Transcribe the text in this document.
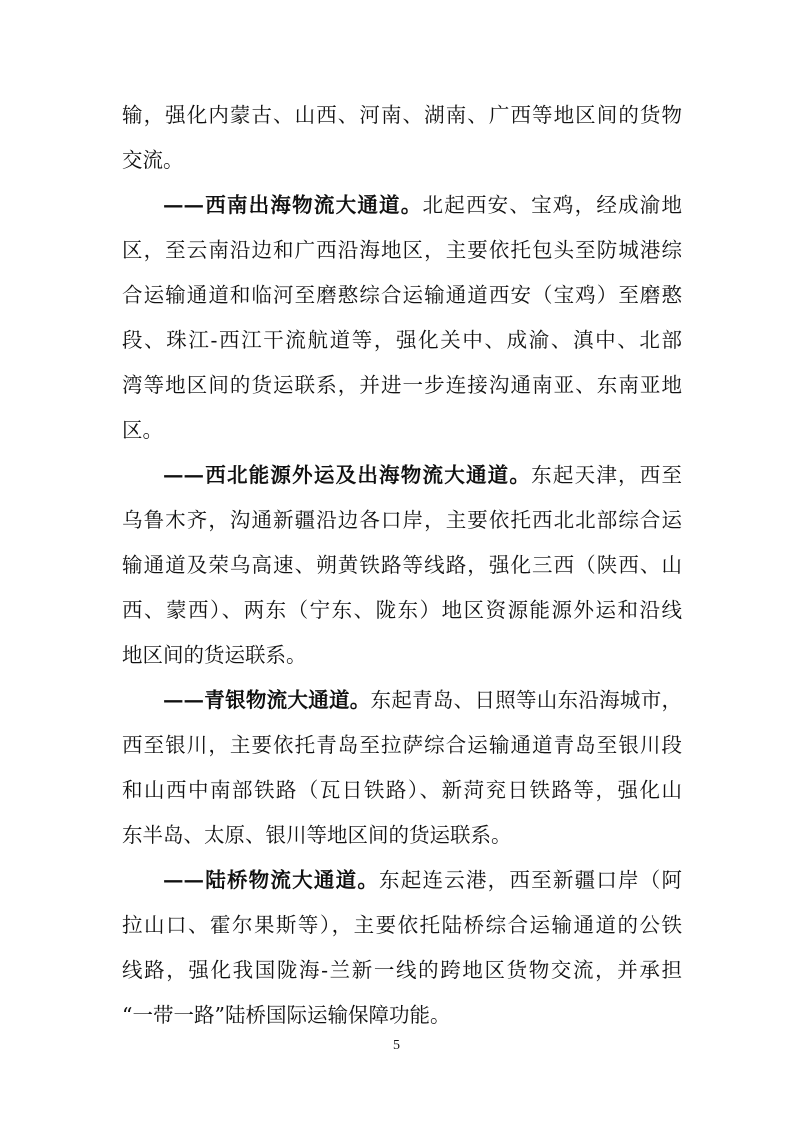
输，强化内蒙古、山西、河南、湖南、广西等地区间的货物
交流。
——西南出海物流大通道。北起西安、宝鸡，经成渝地
区，至云南沿边和广西沿海地区，主要依托包头至防城港综
合运输通道和临河至磨憨综合运输通道西安（宝鸡）至磨憨
段、珠江-西江干流航道等，强化关中、成渝、滇中、北部
湾等地区间的货运联系，并进一步连接沟通南亚、东南亚地
区。
——西北能源外运及出海物流大通道。东起天津，西至
乌鲁木齐，沟通新疆沿边各口岸，主要依托西北北部综合运
输通道及荣乌高速、朔黄铁路等线路，强化三西（陕西、山
西、蒙西）、两东（宁东、陇东）地区资源能源外运和沿线
地区间的货运联系。
——青银物流大通道。东起青岛、日照等山东沿海城市，
西至银川，主要依托青岛至拉萨综合运输通道青岛至银川段
和山西中南部铁路（瓦日铁路）、新菏兖日铁路等，强化山
东半岛、太原、银川等地区间的货运联系。
——陆桥物流大通道。东起连云港，西至新疆口岸（阿
拉山口、霍尔果斯等），主要依托陆桥综合运输通道的公铁
线路，强化我国陇海-兰新一线的跨地区货物交流，并承担
“一带一路”陆桥国际运输保障功能。
5
